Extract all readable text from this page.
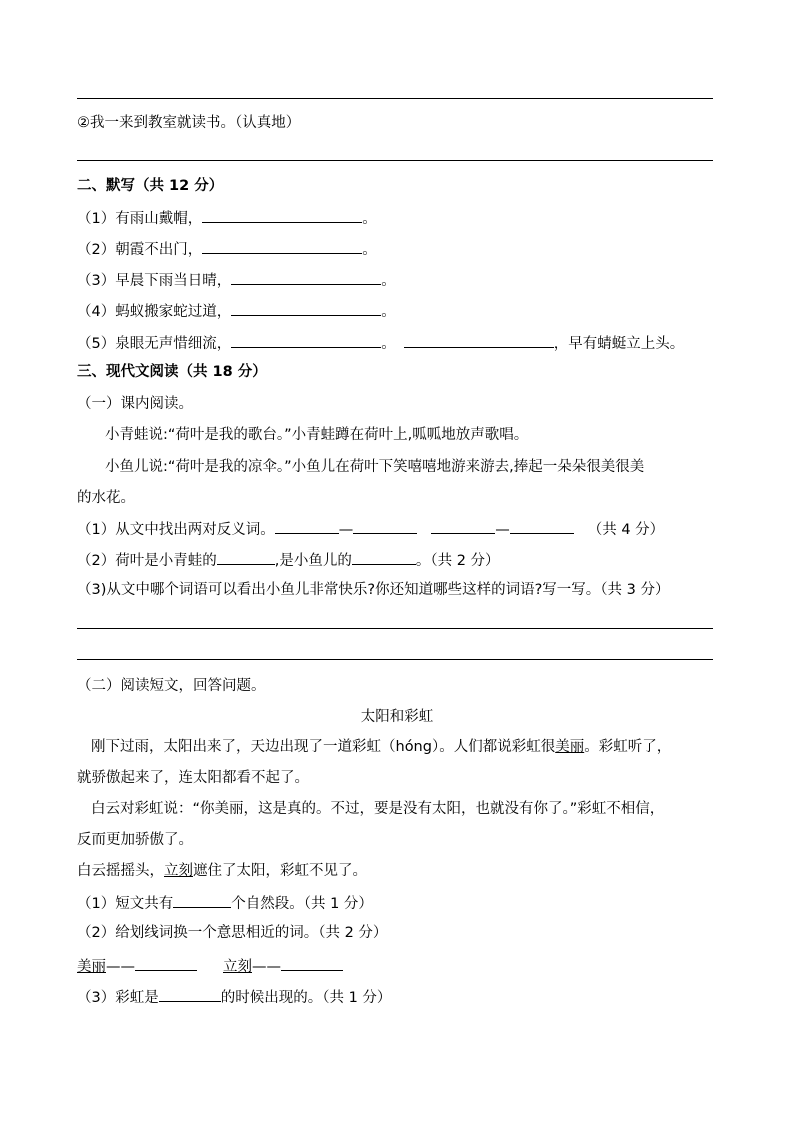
②我一来到教室就读书。（认真地）
二、默写（共 12 分）
（1）有雨山戴帽，	。
（2）朝霞不出门，	。
（3）早晨下雨当日晴，	。
（4）蚂蚁搬家蛇过道，	。
（5）泉眼无声惜细流，	。	，早有蜻蜓立上头。
三、现代文阅读（共 18 分）
（一）课内阅读。
小青蛙说:“荷叶是我的歌台。”小青蛙蹲在荷叶上,呱呱地放声歌唱。
小鱼儿说:“荷叶是我的凉伞。”小鱼儿在荷叶下笑嘻嘻地游来游去,捧起一朵朵很美很美
的水花。
（1）从文中找出两对反义词。	—	—	（共 4 分）
（2）荷叶是小青蛙的	,是小鱼儿的	。（共 2 分）
（3)从文中哪个词语可以看出小鱼儿非常快乐?你还知道哪些这样的词语?写一写。（共 3 分）
（二）阅读短文，回答问题。
太阳和彩虹
刚下过雨，太阳出来了，天边出现了一道彩虹（hóng）。人们都说彩虹很美丽。彩虹听了，
就骄傲起来了，连太阳都看不起了。
白云对彩虹说：“你美丽，这是真的。不过，要是没有太阳，也就没有你了。”彩虹不相信，
反而更加骄傲了。
白云摇摇头，立刻遮住了太阳，彩虹不见了。
（1）短文共有	个自然段。（共 1 分）
（2）给划线词换一个意思相近的词。（共 2 分）
美丽——	立刻——
（3）彩虹是	的时候出现的。（共 1 分）
